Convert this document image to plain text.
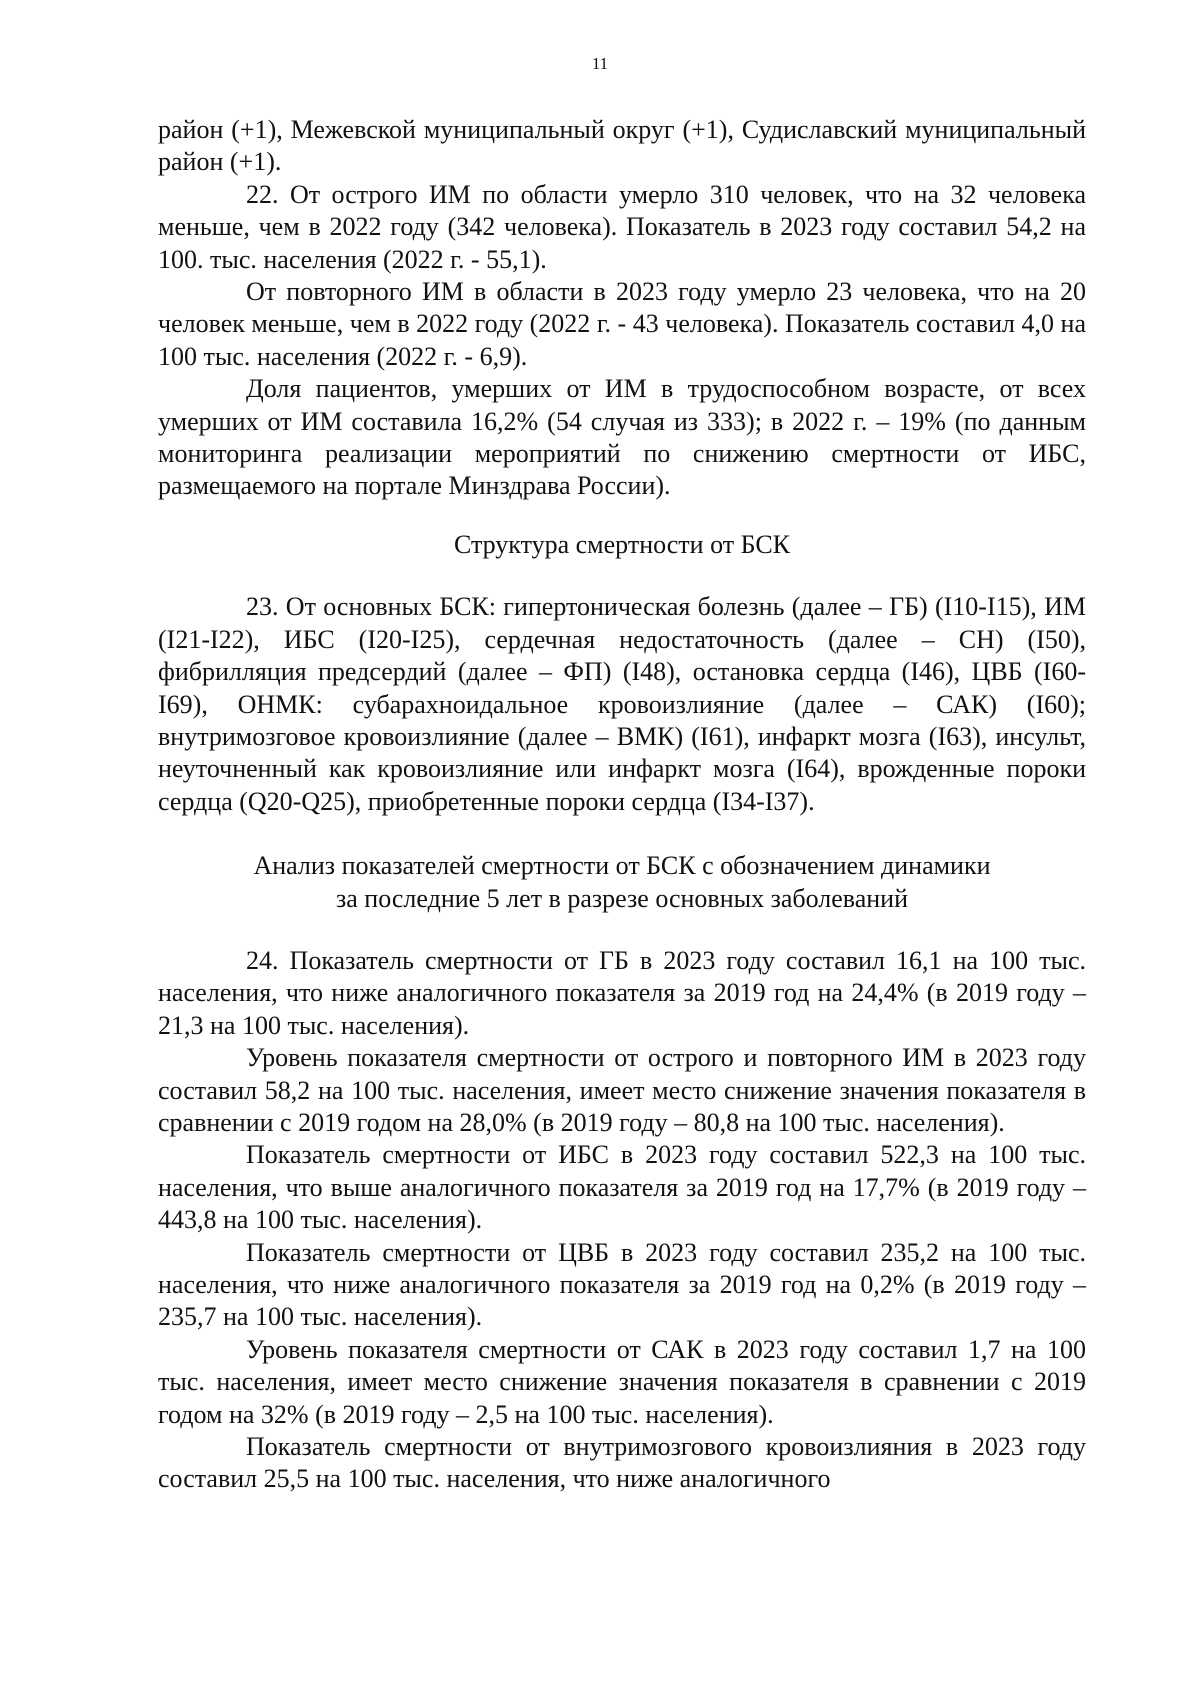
11

район (+1), Межевской муниципальный округ (+1), Судиславский муниципальный район (+1).

22. От острого ИМ по области умерло 310 человек, что на 32 человека меньше, чем в 2022 году (342 человека). Показатель в 2023 году составил 54,2 на 100. тыс. населения (2022 г. - 55,1).

От повторного ИМ в области в 2023 году умерло 23 человека, что на 20 человек меньше, чем в 2022 году (2022 г. - 43 человека). Показатель составил 4,0 на 100 тыс. населения (2022 г. - 6,9).

Доля пациентов, умерших от ИМ в трудоспособном возрасте, от всех умерших от ИМ составила 16,2% (54 случая из 333); в 2022 г. – 19% (по данным мониторинга реализации мероприятий по снижению смертности от ИБС, размещаемого на портале Минздрава России).

Структура смертности от БСК

23. От основных БСК: гипертоническая болезнь (далее – ГБ) (I10-I15), ИМ (I21-I22), ИБС (I20-I25), сердечная недостаточность (далее – СН) (I50), фибрилляция предсердий (далее – ФП) (I48), остановка сердца (I46), ЦВБ (I60-I69), ОНМК: субарахноидальное кровоизлияние (далее – САК) (I60); внутримозговое кровоизлияние (далее – ВМК) (I61), инфаркт мозга (I63), инсульт, неуточненный как кровоизлияние или инфаркт мозга (I64), врожденные пороки сердца (Q20-Q25), приобретенные пороки сердца (I34-I37).

Анализ показателей смертности от БСК с обозначением динамики
за последние 5 лет в разрезе основных заболеваний

24. Показатель смертности от ГБ в 2023 году составил 16,1 на 100 тыс. населения, что ниже аналогичного показателя за 2019 год на 24,4% (в 2019 году – 21,3 на 100 тыс. населения).

Уровень показателя смертности от острого и повторного ИМ в 2023 году составил 58,2 на 100 тыс. населения, имеет место снижение значения показателя в сравнении с 2019 годом на 28,0% (в 2019 году – 80,8 на 100 тыс. населения).

Показатель смертности от ИБС в 2023 году составил 522,3 на 100 тыс. населения, что выше аналогичного показателя за 2019 год на 17,7% (в 2019 году – 443,8 на 100 тыс. населения).

Показатель смертности от ЦВБ в 2023 году составил 235,2 на 100 тыс. населения, что ниже аналогичного показателя за 2019 год на 0,2% (в 2019 году – 235,7 на 100 тыс. населения).

Уровень показателя смертности от САК в 2023 году составил 1,7 на 100 тыс. населения, имеет место снижение значения показателя в сравнении с 2019 годом на 32% (в 2019 году – 2,5 на 100 тыс. населения).

Показатель смертности от внутримозгового кровоизлияния в 2023 году составил 25,5 на 100 тыс. населения, что ниже аналогичного
